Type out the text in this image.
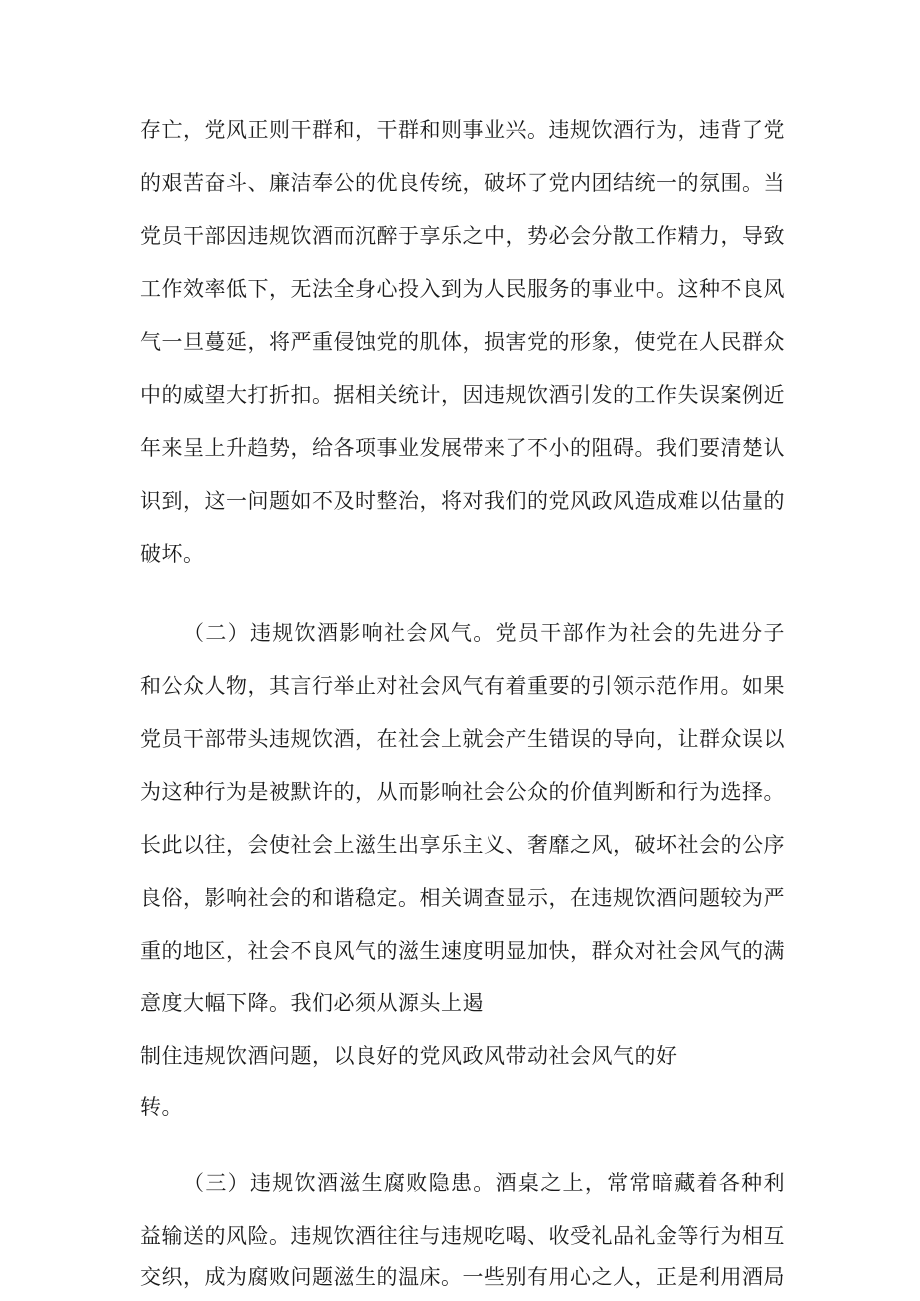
存亡，党风正则干群和，干群和则事业兴。违规饮酒行为，违背了党
的艰苦奋斗、廉洁奉公的优良传统，破坏了党内团结统一的氛围。当
党员干部因违规饮酒而沉醉于享乐之中，势必会分散工作精力，导致
工作效率低下，无法全身心投入到为人民服务的事业中。这种不良风
气一旦蔓延，将严重侵蚀党的肌体，损害党的形象，使党在人民群众
中的威望大打折扣。据相关统计，因违规饮酒引发的工作失误案例近
年来呈上升趋势，给各项事业发展带来了不小的阻碍。我们要清楚认
识到，这一问题如不及时整治，将对我们的党风政风造成难以估量的
破坏。
（二）违规饮酒影响社会风气。党员干部作为社会的先进分子
和公众人物，其言行举止对社会风气有着重要的引领示范作用。如果
党员干部带头违规饮酒，在社会上就会产生错误的导向，让群众误以
为这种行为是被默许的，从而影响社会公众的价值判断和行为选择。
长此以往，会使社会上滋生出享乐主义、奢靡之风，破坏社会的公序
良俗，影响社会的和谐稳定。相关调查显示，在违规饮酒问题较为严
重的地区，社会不良风气的滋生速度明显加快，群众对社会风气的满
意度大幅下降。我们必须从源头上遏
制住违规饮酒问题，以良好的党风政风带动社会风气的好
转。
（三）违规饮酒滋生腐败隐患。酒桌之上，常常暗藏着各种利
益输送的风险。违规饮酒往往与违规吃喝、收受礼品礼金等行为相互
交织，成为腐败问题滋生的温床。一些别有用心之人，正是利用酒局
